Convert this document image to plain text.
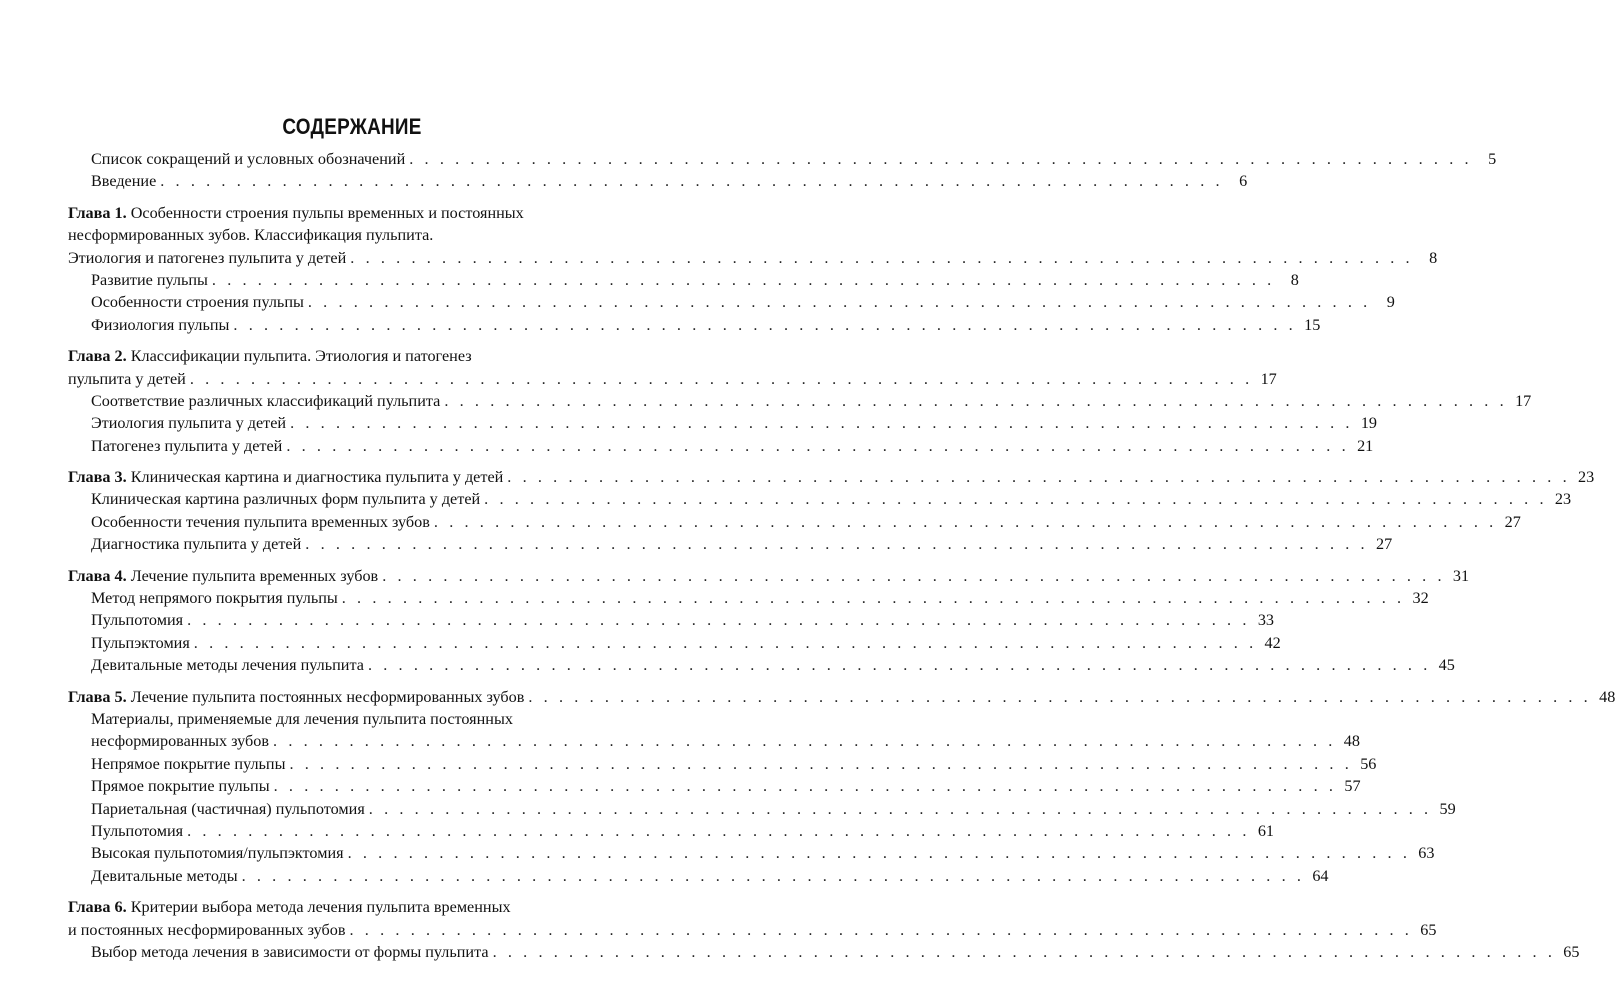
СОДЕРЖАНИЕ
Список сокращений и условных обозначений . . . . . . . . . . . . . . . . . . . . . . . . . . . . . . . . . . . . . . . . . . . . . . . . . . . . . . . . . . . . . . . . . . . . . . 5
Введение . . . . . . . . . . . . . . . . . . . . . . . . . . . . . . . . . . . . . . . . . . . . . . . . . . . . . . . . . . . . . . . . . . . . . . 6
Глава 1. Особенности строения пульпы временных и постоянных
несформированных зубов. Классификация пульпита.
Этиология и патогенез пульпита у детей . . . . . . . . . . . . . . . . . . . . . . . . . . . . . . . . . . . . . . . . . . . . . . . . . . . . . . . . . . . . . . . . . . . . . . 8
Развитие пульпы . . . . . . . . . . . . . . . . . . . . . . . . . . . . . . . . . . . . . . . . . . . . . . . . . . . . . . . . . . . . . . . . . . . . . . 8
Особенности строения пульпы . . . . . . . . . . . . . . . . . . . . . . . . . . . . . . . . . . . . . . . . . . . . . . . . . . . . . . . . . . . . . . . . . . . . . . 9
Физиология пульпы . . . . . . . . . . . . . . . . . . . . . . . . . . . . . . . . . . . . . . . . . . . . . . . . . . . . . . . . . . . . . . . . . . . . . . 15
Глава 2. Классификации пульпита. Этиология и патогенез
пульпита у детей . . . . . . . . . . . . . . . . . . . . . . . . . . . . . . . . . . . . . . . . . . . . . . . . . . . . . . . . . . . . . . . . . . . . . . 17
Соответствие различных классификаций пульпита . . . . . . . . . . . . . . . . . . . . . . . . . . . . . . . . . . . . . . . . . . . . . . . . . . . . . . . . . . . . . . . . . . . . . . 17
Этиология пульпита у детей . . . . . . . . . . . . . . . . . . . . . . . . . . . . . . . . . . . . . . . . . . . . . . . . . . . . . . . . . . . . . . . . . . . . . . 19
Патогенез пульпита у детей . . . . . . . . . . . . . . . . . . . . . . . . . . . . . . . . . . . . . . . . . . . . . . . . . . . . . . . . . . . . . . . . . . . . . . 21
Глава 3. Клиническая картина и диагностика пульпита у детей . . . . . . . . . . . . . . . . . . . . . . . . . . . . . . . . . . . . . . . . . . . . . . . . . . . . . . . . . . . . . . . . . . . . . . 23
Клиническая картина различных форм пульпита у детей . . . . . . . . . . . . . . . . . . . . . . . . . . . . . . . . . . . . . . . . . . . . . . . . . . . . . . . . . . . . . . . . . . . . . . 23
Особенности течения пульпита временных зубов . . . . . . . . . . . . . . . . . . . . . . . . . . . . . . . . . . . . . . . . . . . . . . . . . . . . . . . . . . . . . . . . . . . . . . 27
Диагностика пульпита у детей . . . . . . . . . . . . . . . . . . . . . . . . . . . . . . . . . . . . . . . . . . . . . . . . . . . . . . . . . . . . . . . . . . . . . . 27
Глава 4. Лечение пульпита временных зубов . . . . . . . . . . . . . . . . . . . . . . . . . . . . . . . . . . . . . . . . . . . . . . . . . . . . . . . . . . . . . . . . . . . . . . 31
Метод непрямого покрытия пульпы . . . . . . . . . . . . . . . . . . . . . . . . . . . . . . . . . . . . . . . . . . . . . . . . . . . . . . . . . . . . . . . . . . . . . . 32
Пульпотомия . . . . . . . . . . . . . . . . . . . . . . . . . . . . . . . . . . . . . . . . . . . . . . . . . . . . . . . . . . . . . . . . . . . . . . 33
Пульпэктомия . . . . . . . . . . . . . . . . . . . . . . . . . . . . . . . . . . . . . . . . . . . . . . . . . . . . . . . . . . . . . . . . . . . . . . 42
Девитальные методы лечения пульпита . . . . . . . . . . . . . . . . . . . . . . . . . . . . . . . . . . . . . . . . . . . . . . . . . . . . . . . . . . . . . . . . . . . . . . 45
Глава 5. Лечение пульпита постоянных несформированных зубов . . . . . . . . . . . . . . . . . . . . . . . . . . . . . . . . . . . . . . . . . . . . . . . . . . . . . . . . . . . . . . . . . . . . . . 48
Материалы, применяемые для лечения пульпита постоянных
несформированных зубов . . . . . . . . . . . . . . . . . . . . . . . . . . . . . . . . . . . . . . . . . . . . . . . . . . . . . . . . . . . . . . . . . . . . . . 48
Непрямое покрытие пульпы . . . . . . . . . . . . . . . . . . . . . . . . . . . . . . . . . . . . . . . . . . . . . . . . . . . . . . . . . . . . . . . . . . . . . . 56
Прямое покрытие пульпы . . . . . . . . . . . . . . . . . . . . . . . . . . . . . . . . . . . . . . . . . . . . . . . . . . . . . . . . . . . . . . . . . . . . . . 57
Париетальная (частичная) пульпотомия . . . . . . . . . . . . . . . . . . . . . . . . . . . . . . . . . . . . . . . . . . . . . . . . . . . . . . . . . . . . . . . . . . . . . . 59
Пульпотомия . . . . . . . . . . . . . . . . . . . . . . . . . . . . . . . . . . . . . . . . . . . . . . . . . . . . . . . . . . . . . . . . . . . . . . 61
Высокая пульпотомия/пульпэктомия . . . . . . . . . . . . . . . . . . . . . . . . . . . . . . . . . . . . . . . . . . . . . . . . . . . . . . . . . . . . . . . . . . . . . . 63
Девитальные методы . . . . . . . . . . . . . . . . . . . . . . . . . . . . . . . . . . . . . . . . . . . . . . . . . . . . . . . . . . . . . . . . . . . . . . 64
Глава 6. Критерии выбора метода лечения пульпита временных
и постоянных несформированных зубов . . . . . . . . . . . . . . . . . . . . . . . . . . . . . . . . . . . . . . . . . . . . . . . . . . . . . . . . . . . . . . . . . . . . . . 65
Выбор метода лечения в зависимости от формы пульпита . . . . . . . . . . . . . . . . . . . . . . . . . . . . . . . . . . . . . . . . . . . . . . . . . . . . . . . . . . . . . . . . . . . . . . 65
